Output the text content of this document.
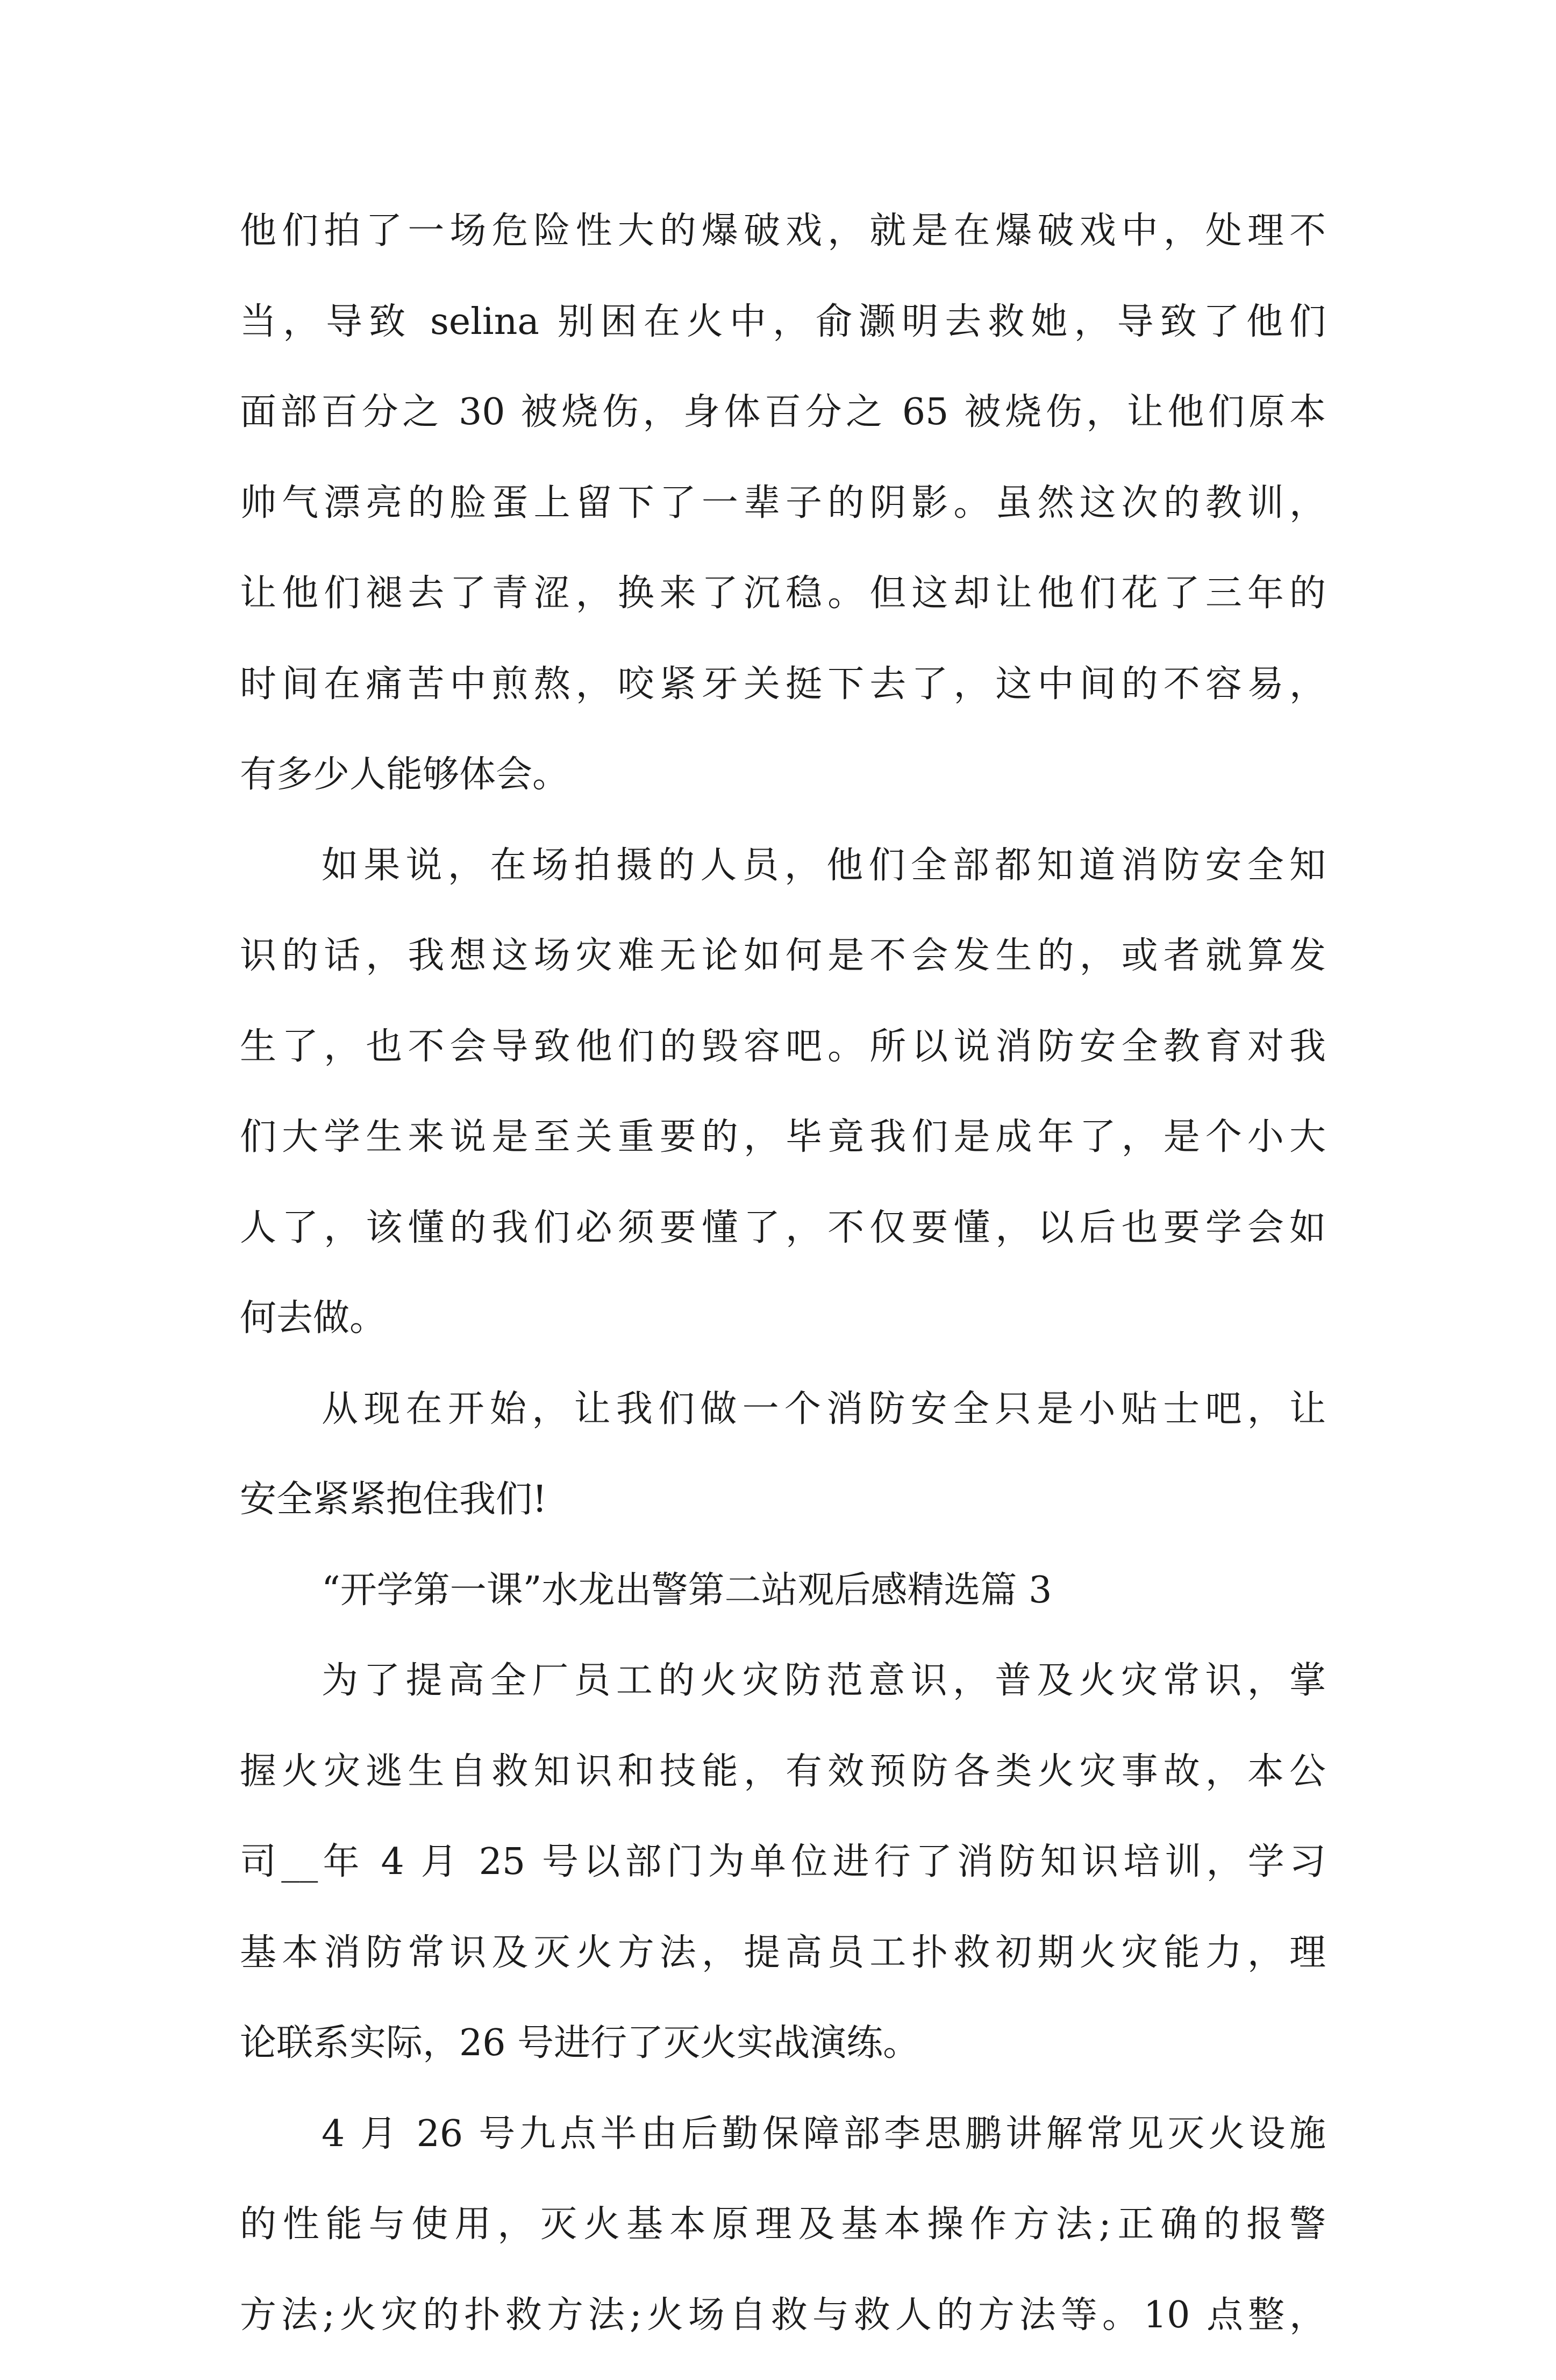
他们拍了一场危险性大的爆破戏，就是在爆破戏中，处理不
当，导致 selina 别困在火中，俞灏明去救她，导致了他们
面部百分之 30 被烧伤，身体百分之 65 被烧伤，让他们原本
帅气漂亮的脸蛋上留下了一辈子的阴影。虽然这次的教训，
让他们褪去了青涩，换来了沉稳。但这却让他们花了三年的
时间在痛苦中煎熬，咬紧牙关挺下去了，这中间的不容易，
有多少人能够体会。
如果说，在场拍摄的人员，他们全部都知道消防安全知
识的话，我想这场灾难无论如何是不会发生的，或者就算发
生了，也不会导致他们的毁容吧。所以说消防安全教育对我
们大学生来说是至关重要的，毕竟我们是成年了，是个小大
人了，该懂的我们必须要懂了，不仅要懂，以后也要学会如
何去做。
从现在开始，让我们做一个消防安全只是小贴士吧，让
安全紧紧抱住我们!
“开学第一课”水龙出警第二站观后感精选篇 3
为了提高全厂员工的火灾防范意识，普及火灾常识，掌
握火灾逃生自救知识和技能，有效预防各类火灾事故，本公
司__年 4 月 25 号以部门为单位进行了消防知识培训，学习
基本消防常识及灭火方法，提高员工扑救初期火灾能力，理
论联系实际，26 号进行了灭火实战演练。
4 月 26 号九点半由后勤保障部李思鹏讲解常见灭火设施
的性能与使用，灭火基本原理及基本操作方法;正确的报警
方法;火灾的扑救方法;火场自救与救人的方法等。10 点整，
